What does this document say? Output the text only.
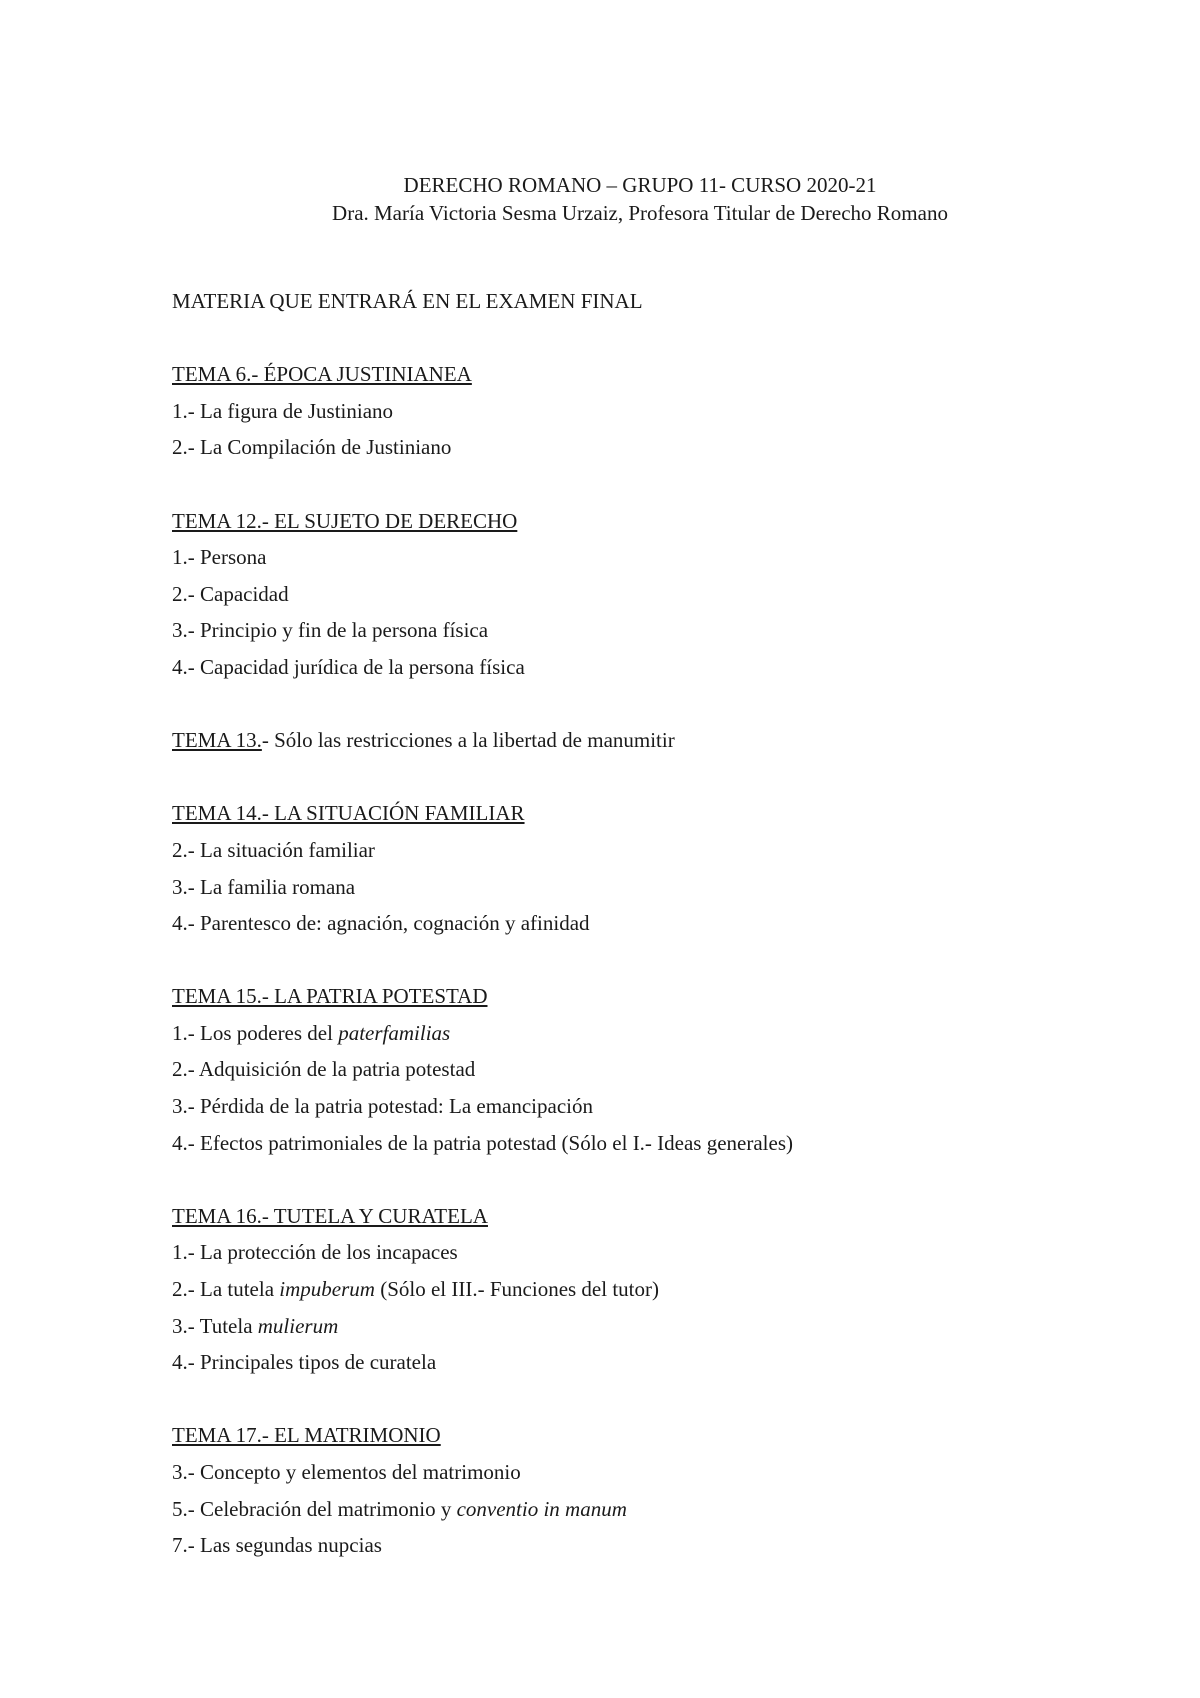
DERECHO ROMANO – GRUPO 11- CURSO 2020-21
Dra. María Victoria Sesma Urzaiz, Profesora Titular de Derecho Romano
MATERIA QUE ENTRARÁ EN EL EXAMEN FINAL
TEMA 6.- ÉPOCA JUSTINIANEA
1.- La figura de Justiniano
2.- La Compilación de Justiniano
TEMA 12.- EL SUJETO DE DERECHO
1.- Persona
2.- Capacidad
3.- Principio y fin de la persona física
4.- Capacidad jurídica de la persona física
TEMA 13.- Sólo las restricciones a la libertad de manumitir
TEMA 14.- LA SITUACIÓN FAMILIAR
2.- La situación familiar
3.- La familia romana
4.- Parentesco de: agnación, cognación y afinidad
TEMA 15.- LA PATRIA POTESTAD
1.- Los poderes del paterfamilias
2.- Adquisición de la patria potestad
3.- Pérdida de la patria potestad: La emancipación
4.- Efectos patrimoniales de la patria potestad (Sólo el I.- Ideas generales)
TEMA 16.- TUTELA Y CURATELA
1.- La protección de los incapaces
2.- La tutela impuberum (Sólo el III.- Funciones del tutor)
3.- Tutela mulierum
4.- Principales tipos de curatela
TEMA 17.- EL MATRIMONIO
3.- Concepto y elementos del matrimonio
5.- Celebración del matrimonio y conventio in manum
7.- Las segundas nupcias
